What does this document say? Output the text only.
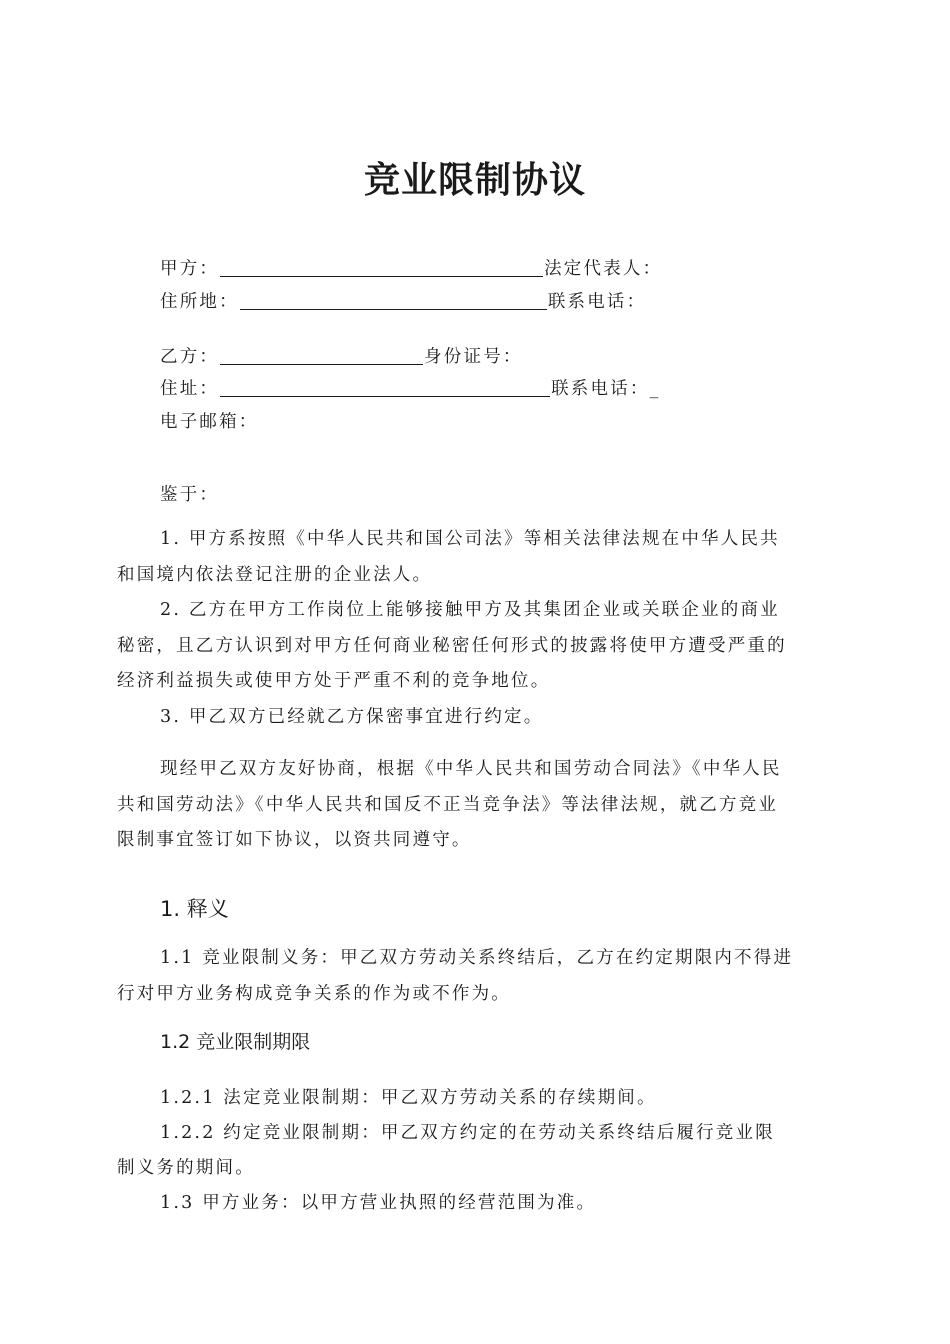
竞业限制协议
甲方：	法定代表人：
住所地：	联系电话：
乙方：	身份证号：
住址：	联系电话：_
电子邮箱：
鉴于：
1. 甲方系按照《中华人民共和国公司法》等相关法律法规在中华人民共
和国境内依法登记注册的企业法人。
2. 乙方在甲方工作岗位上能够接触甲方及其集团企业或关联企业的商业
秘密，且乙方认识到对甲方任何商业秘密任何形式的披露将使甲方遭受严重的
经济利益损失或使甲方处于严重不利的竞争地位。
3. 甲乙双方已经就乙方保密事宜进行约定。
现经甲乙双方友好协商，根据《中华人民共和国劳动合同法》《中华人民
共和国劳动法》《中华人民共和国反不正当竞争法》等法律法规，就乙方竞业
限制事宜签订如下协议，以资共同遵守。
1. 释义
1.1 竞业限制义务：甲乙双方劳动关系终结后，乙方在约定期限内不得进
行对甲方业务构成竞争关系的作为或不作为。
1.2 竞业限制期限
1.2.1 法定竞业限制期：甲乙双方劳动关系的存续期间。
1.2.2 约定竞业限制期：甲乙双方约定的在劳动关系终结后履行竞业限
制义务的期间。
1.3 甲方业务：以甲方营业执照的经营范围为准。
